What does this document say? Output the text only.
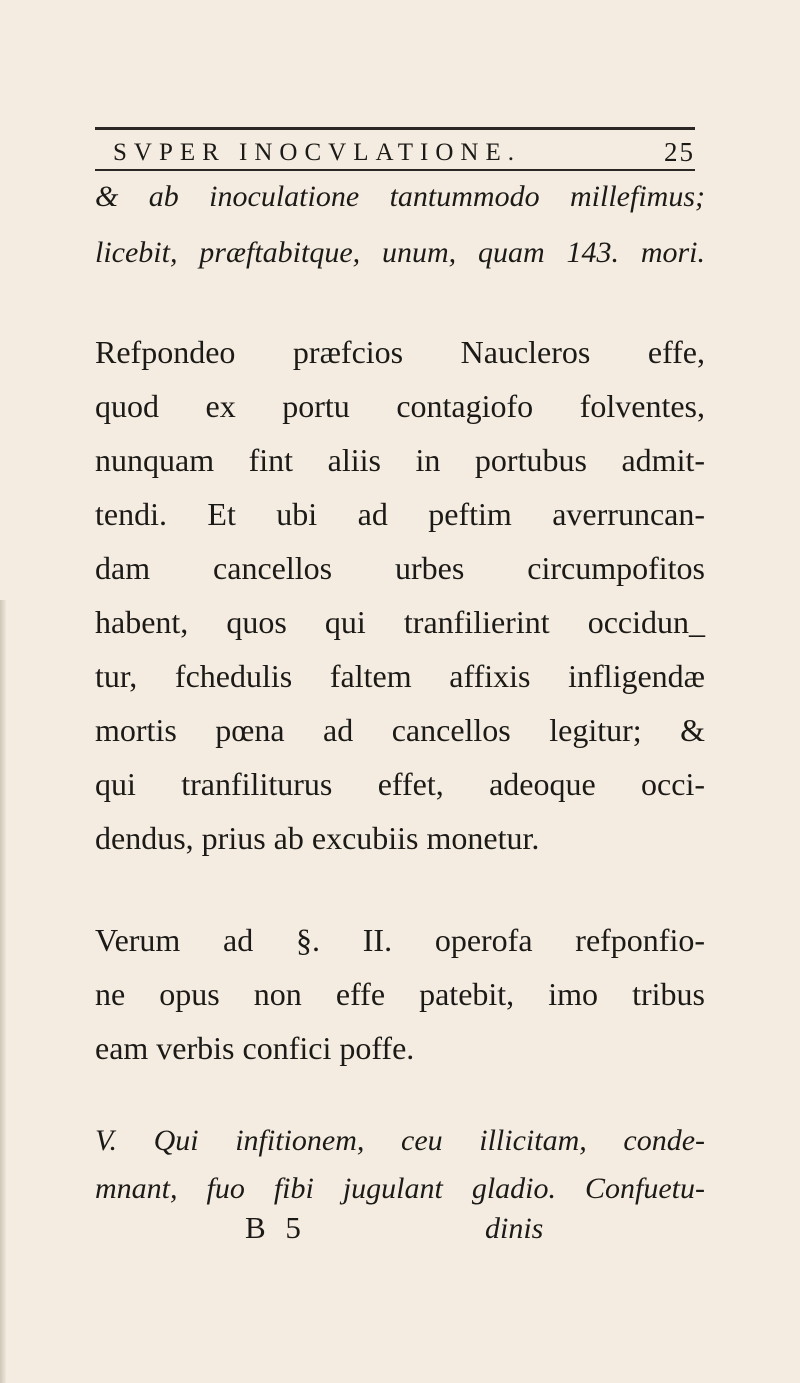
SVPER INOCVLATIONE.	25
& ab inoculatione tantummodo millefimus;
licebit, præftabitque, unum, quam 143. mori.
Refpondeo præfcios Naucleros effe,
quod ex portu contagiofo folventes,
nunquam fint aliis in portubus admit-
tendi. Et ubi ad peftim averruncan-
dam cancellos urbes circumpofitos
habent, quos qui tranfilierint occidun_
tur, fchedulis faltem affixis infligendæ
mortis pœna ad cancellos legitur; &
qui tranfiliturus effet, adeoque occi-
dendus, prius ab excubiis monetur.
Verum ad §. II. operofa refponfio-
ne opus non effe patebit, imo tribus
eam verbis confici poffe.
V. Qui infitionem, ceu illicitam, conde-
mnant, fuo fibi jugulant gladio. Confuetu-
B 5	dinis
